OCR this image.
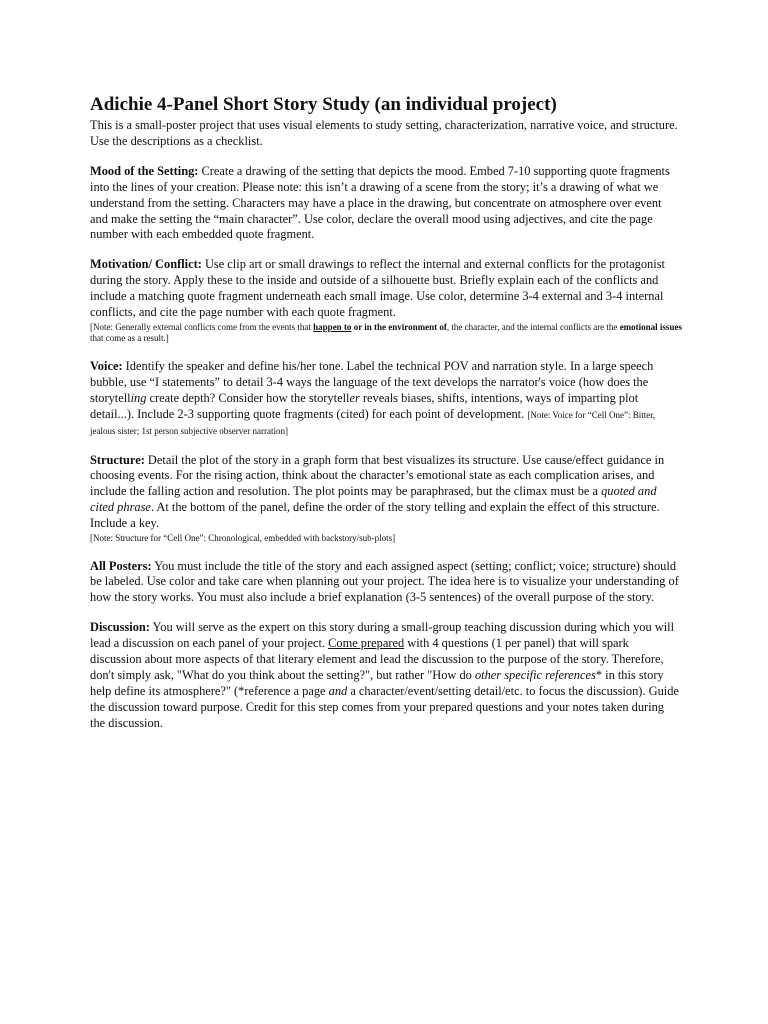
Adichie 4-Panel Short Story Study (an individual project)

This is a small-poster project that uses visual elements to study setting, characterization, narrative voice, and structure. Use the descriptions as a checklist.

Mood of the Setting: Create a drawing of the setting that depicts the mood. Embed 7-10 supporting quote fragments into the lines of your creation. Please note: this isn’t a drawing of a scene from the story; it’s a drawing of what we understand from the setting. Characters may have a place in the drawing, but concentrate on atmosphere over event and make the setting the “main character”. Use color, declare the overall mood using adjectives, and cite the page number with each embedded quote fragment.

Motivation/ Conflict: Use clip art or small drawings to reflect the internal and external conflicts for the protagonist during the story. Apply these to the inside and outside of a silhouette bust. Briefly explain each of the conflicts and include a matching quote fragment underneath each small image. Use color, determine 3-4 external and 3-4 internal conflicts, and cite the page number with each quote fragment.
[Note: Generally external conflicts come from the events that happen to or in the environment of, the character, and the internal conflicts are the emotional issues that come as a result.]

Voice: Identify the speaker and define his/her tone. Label the technical POV and narration style. In a large speech bubble, use “I statements” to detail 3-4 ways the language of the text develops the narrator's voice (how does the storytelling create depth? Consider how the storyteller reveals biases, shifts, intentions, ways of imparting plot detail...). Include 2-3 supporting quote fragments (cited) for each point of development. [Note: Voice for “Cell One”: Bitter, jealous sister; 1st person subjective observer narration]

Structure: Detail the plot of the story in a graph form that best visualizes its structure. Use cause/effect guidance in choosing events. For the rising action, think about the character’s emotional state as each complication arises, and include the falling action and resolution. The plot points may be paraphrased, but the climax must be a quoted and cited phrase. At the bottom of the panel, define the order of the story telling and explain the effect of this structure. Include a key.
[Note: Structure for “Cell One”: Chronological, embedded with backstory/sub-plots]

All Posters: You must include the title of the story and each assigned aspect (setting; conflict; voice; structure) should be labeled. Use color and take care when planning out your project. The idea here is to visualize your understanding of how the story works. You must also include a brief explanation (3-5 sentences) of the overall purpose of the story.

Discussion: You will serve as the expert on this story during a small-group teaching discussion during which you will lead a discussion on each panel of your project. Come prepared with 4 questions (1 per panel) that will spark discussion about more aspects of that literary element and lead the discussion to the purpose of the story. Therefore, don't simply ask, "What do you think about the setting?", but rather "How do other specific references* in this story help define its atmosphere?" (*reference a page and a character/event/setting detail/etc. to focus the discussion). Guide the discussion toward purpose. Credit for this step comes from your prepared questions and your notes taken during the discussion.
